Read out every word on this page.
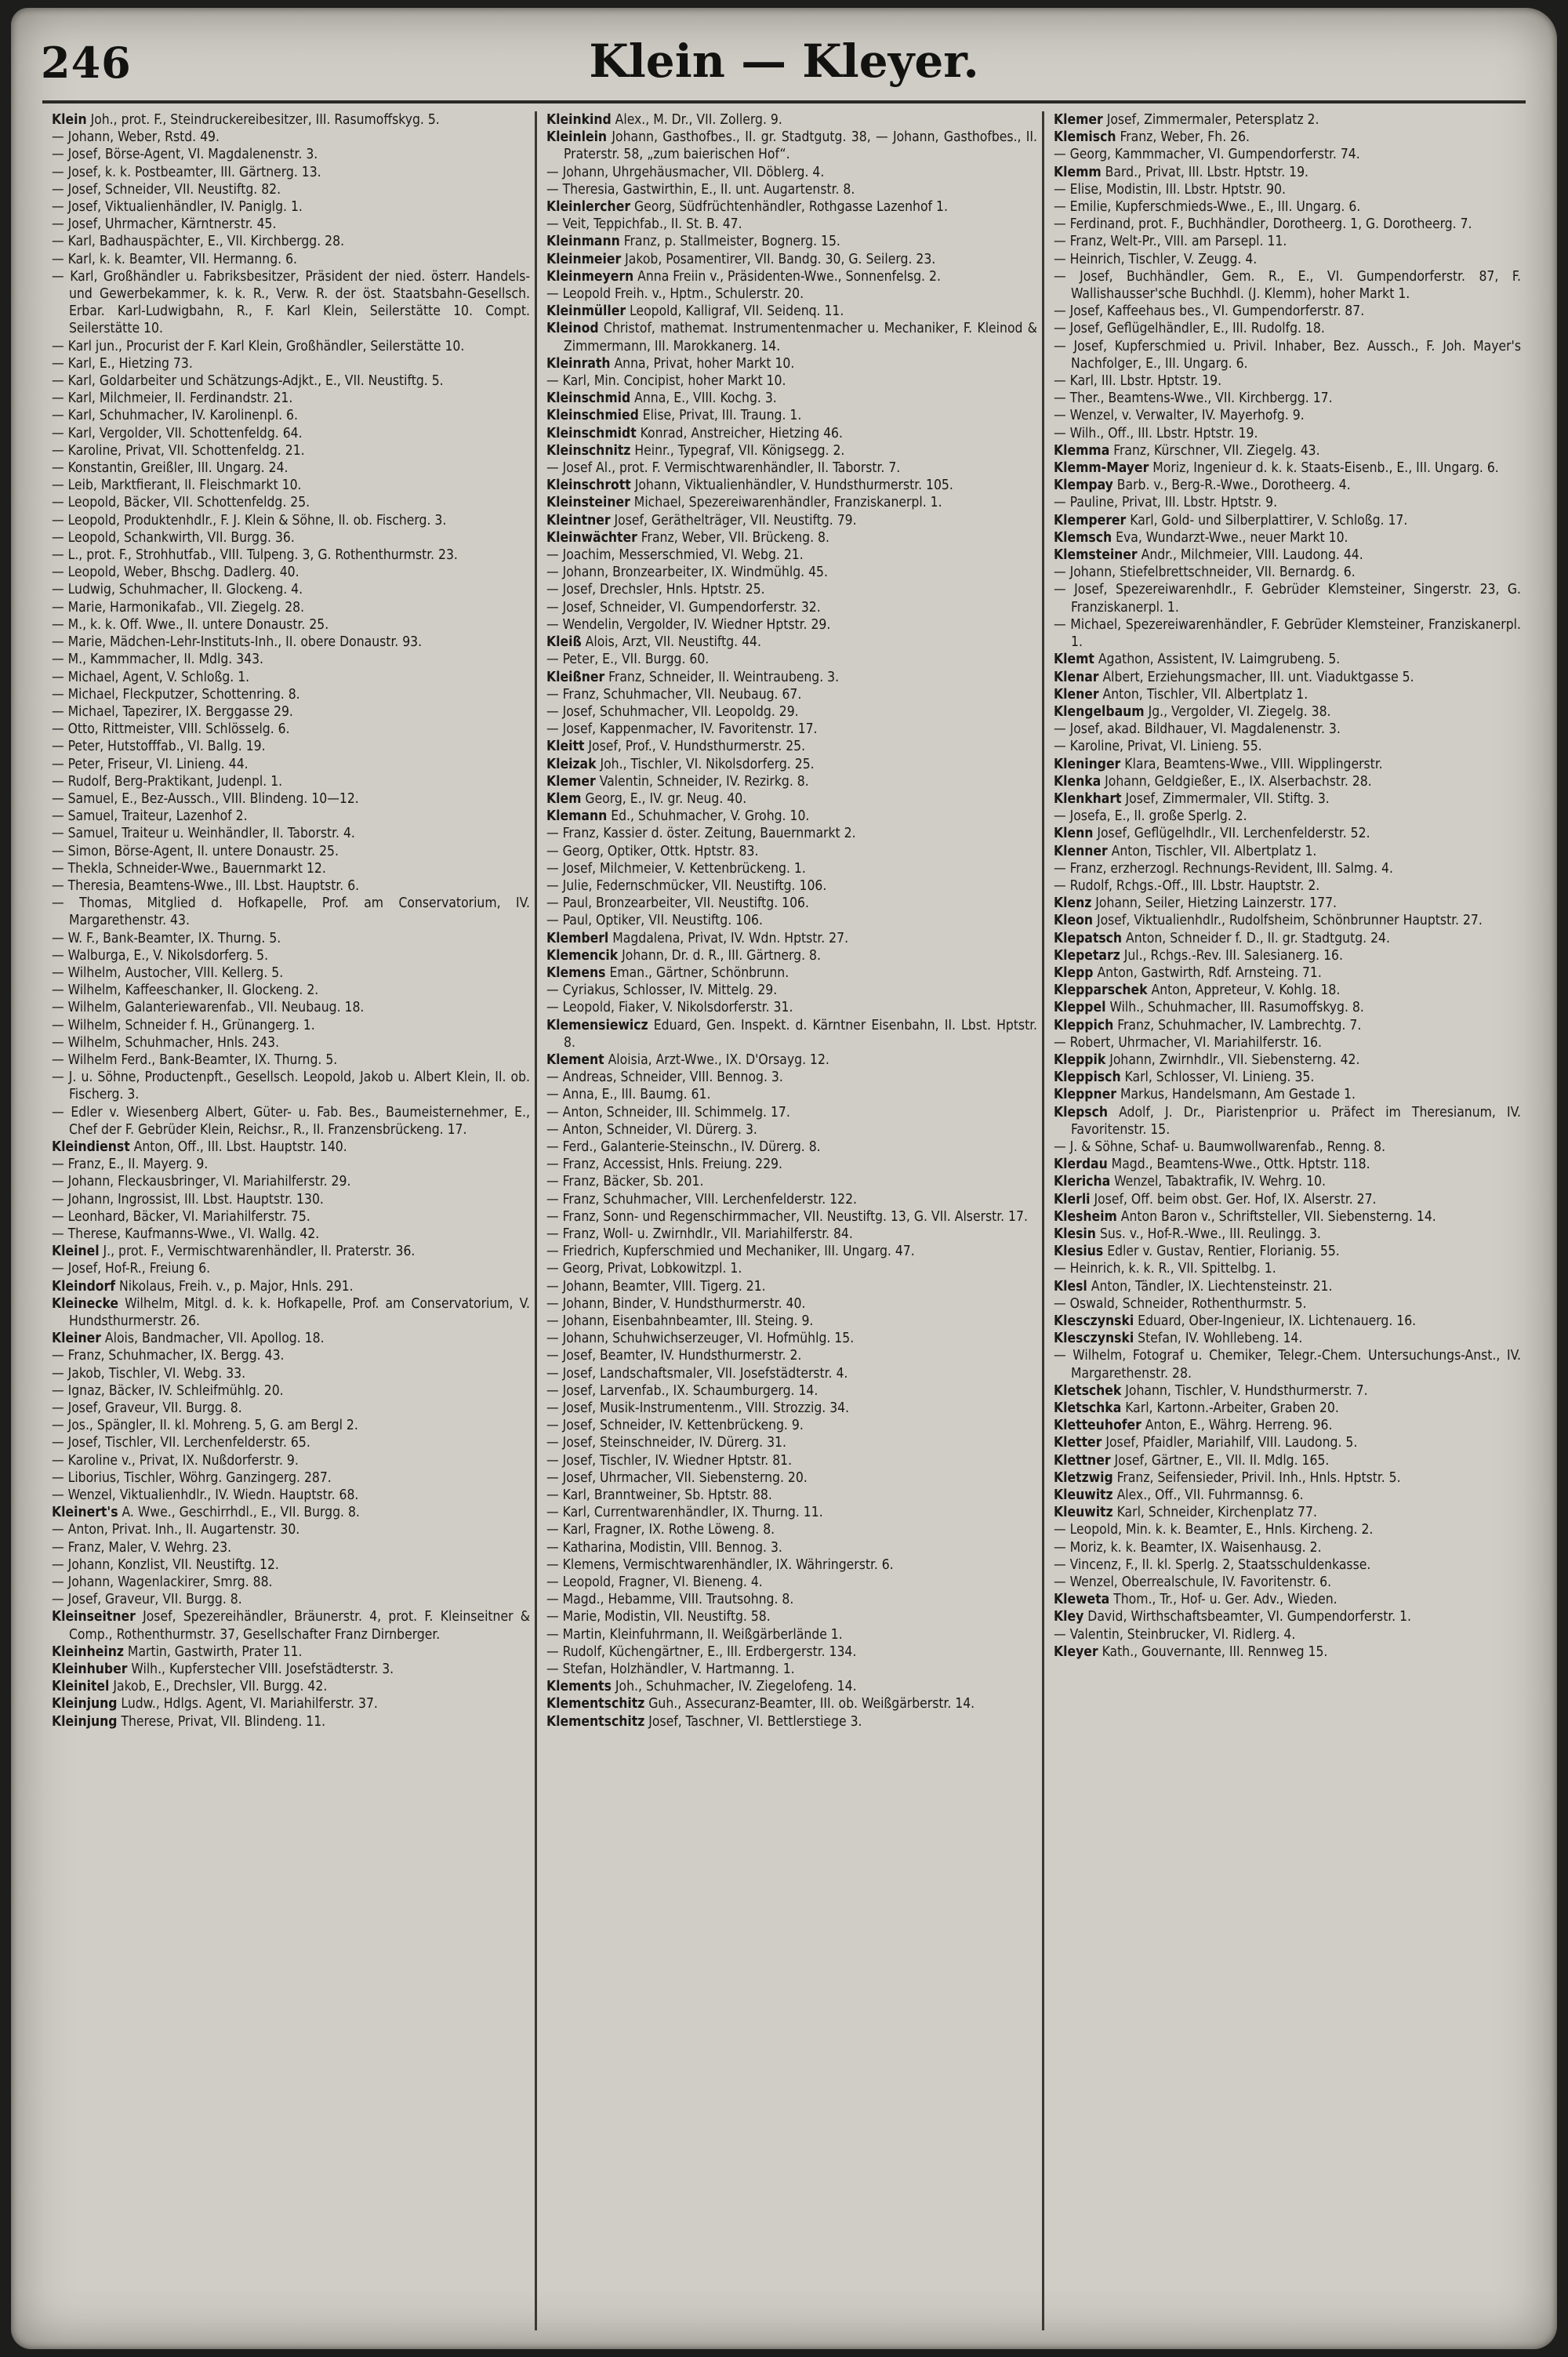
246	Klein — Kleyer.
Klein Joh., prot. F., Steindruckereibesitzer, III. Rasumoffskyg. 5.
— Johann, Weber, Rstd. 49.
— Josef, Börse-Agent, VI. Magdalenenstr. 3.
— Josef, k. k. Postbeamter, III. Gärtnerg. 13.
— Josef, Schneider, VII. Neustiftg. 82.
— Josef, Viktualienhändler, IV. Paniglg. 1.
— Josef, Uhrmacher, Kärntnerstr. 45.
— Karl, Badhauspächter, E., VII. Kirchbergg. 28.
— Karl, k. k. Beamter, VII. Hermanng. 6.
— Karl, Großhändler u. Fabriksbesitzer, Präsident der nied. österr. Handels- und Gewerbekammer, k. k. R., Verw. R. der öst. Staatsbahn-Gesellsch. Erbar. Karl-Ludwigbahn, R., F. Karl Klein, Seilerstätte 10. Compt. Seilerstätte 10.
— Karl jun., Procurist der F. Karl Klein, Großhändler, Seilerstätte 10.
— Karl, E., Hietzing 73.
— Karl, Goldarbeiter und Schätzungs-Adjkt., E., VII. Neustiftg. 5.
— Karl, Milchmeier, II. Ferdinandstr. 21.
— Karl, Schuhmacher, IV. Karolinenpl. 6.
— Karl, Vergolder, VII. Schottenfeldg. 64.
— Karoline, Privat, VII. Schottenfeldg. 21.
— Konstantin, Greißler, III. Ungarg. 24.
— Leib, Marktfierant, II. Fleischmarkt 10.
— Leopold, Bäcker, VII. Schottenfeldg. 25.
— Leopold, Produktenhdlr., F. J. Klein & Söhne, II. ob. Fischerg. 3.
— Leopold, Schankwirth, VII. Burgg. 36.
— L., prot. F., Strohhutfab., VIII. Tulpeng. 3, G. Rothenthurmstr. 23.
— Leopold, Weber, Bhschg. Dadlerg. 40.
— Ludwig, Schuhmacher, II. Glockeng. 4.
— Marie, Harmonikafab., VII. Ziegelg. 28.
— M., k. k. Off. Wwe., II. untere Donaustr. 25.
— Marie, Mädchen-Lehr-Instituts-Inh., II. obere Donaustr. 93.
— M., Kammmacher, II. Mdlg. 343.
— Michael, Agent, V. Schloßg. 1.
— Michael, Fleckputzer, Schottenring. 8.
— Michael, Tapezirer, IX. Berggasse 29.
— Otto, Rittmeister, VIII. Schlösselg. 6.
— Peter, Hutstofffab., VI. Ballg. 19.
— Peter, Friseur, VI. Linieng. 44.
— Rudolf, Berg-Praktikant, Judenpl. 1.
— Samuel, E., Bez-Aussch., VIII. Blindeng. 10—12.
— Samuel, Traiteur, Lazenhof 2.
— Samuel, Traiteur u. Weinhändler, II. Taborstr. 4.
— Simon, Börse-Agent, II. untere Donaustr. 25.
— Thekla, Schneider-Wwe., Bauernmarkt 12.
— Theresia, Beamtens-Wwe., III. Lbst. Hauptstr. 6.
— Thomas, Mitglied d. Hofkapelle, Prof. am Conservatorium, IV. Margarethenstr. 43.
— W. F., Bank-Beamter, IX. Thurng. 5.
— Walburga, E., V. Nikolsdorferg. 5.
— Wilhelm, Austocher, VIII. Kellerg. 5.
— Wilhelm, Kaffeeschanker, II. Glockeng. 2.
— Wilhelm, Galanteriewarenfab., VII. Neubaug. 18.
— Wilhelm, Schneider f. H., Grünangerg. 1.
— Wilhelm, Schuhmacher, Hnls. 243.
— Wilhelm Ferd., Bank-Beamter, IX. Thurng. 5.
— J. u. Söhne, Productenpft., Gesellsch. Leopold, Jakob u. Albert Klein, II. ob. Fischerg. 3.
— Edler v. Wiesenberg Albert, Güter- u. Fab. Bes., Baumeisternehmer, E., Chef der F. Gebrüder Klein, Reichsr., R., II. Franzensbrückeng. 17.
Kleindienst Anton, Off., III. Lbst. Hauptstr. 140.
— Franz, E., II. Mayerg. 9.
— Johann, Fleckausbringer, VI. Mariahilferstr. 29.
— Johann, Ingrossist, III. Lbst. Hauptstr. 130.
— Leonhard, Bäcker, VI. Mariahilferstr. 75.
— Therese, Kaufmanns-Wwe., VI. Wallg. 42.
Kleinel J., prot. F., Vermischtwarenhändler, II. Praterstr. 36.
— Josef, Hof-R., Freiung 6.
Kleindorf Nikolaus, Freih. v., p. Major, Hnls. 291.
Kleinecke Wilhelm, Mitgl. d. k. k. Hofkapelle, Prof. am Conservatorium, V. Hundsthurmerstr. 26.
Kleiner Alois, Bandmacher, VII. Apollog. 18.
— Franz, Schuhmacher, IX. Bergg. 43.
— Jakob, Tischler, VI. Webg. 33.
— Ignaz, Bäcker, IV. Schleifmühlg. 20.
— Josef, Graveur, VII. Burgg. 8.
— Jos., Spängler, II. kl. Mohreng. 5, G. am Bergl 2.
— Josef, Tischler, VII. Lerchenfelderstr. 65.
— Karoline v., Privat, IX. Nußdorferstr. 9.
— Liborius, Tischler, Wöhrg. Ganzingerg. 287.
— Wenzel, Viktualienhdlr., IV. Wiedn. Hauptstr. 68.
Kleinert's A. Wwe., Geschirrhdl., E., VII. Burgg. 8.
— Anton, Privat. Inh., II. Augartenstr. 30.
— Franz, Maler, V. Wehrg. 23.
— Johann, Konzlist, VII. Neustiftg. 12.
— Johann, Wagenlackirer, Smrg. 88.
— Josef, Graveur, VII. Burgg. 8.
Kleinseitner Josef, Spezereihändler, Bräunerstr. 4, prot. F. Kleinseitner & Comp., Rothenthurmstr. 37, Gesellschafter Franz Dirnberger.
Kleinheinz Martin, Gastwirth, Prater 11.
Kleinhuber Wilh., Kupferstecher VIII. Josefstädterstr. 3.
Kleinitel Jakob, E., Drechsler, VII. Burgg. 42.
Kleinjung Ludw., Hdlgs. Agent, VI. Mariahilferstr. 37.
Kleinjung Therese, Privat, VII. Blindeng. 11.
Kleinkind Alex., M. Dr., VII. Zollerg. 9.
Kleinlein Johann, Gasthofbes., II. gr. Stadtgutg. 38, — Johann, Gasthofbes., II. Praterstr. 58, „zum baierischen Hof“.
— Johann, Uhrgehäusmacher, VII. Döblerg. 4.
— Theresia, Gastwirthin, E., II. unt. Augartenstr. 8.
Kleinlercher Georg, Südfrüchtenhändler, Rothgasse Lazenhof 1.
— Veit, Teppichfab., II. St. B. 47.
Kleinmann Franz, p. Stallmeister, Bognerg. 15.
Kleinmeier Jakob, Posamentirer, VII. Bandg. 30, G. Seilerg. 23.
Kleinmeyern Anna Freiin v., Präsidenten-Wwe., Sonnenfelsg. 2.
— Leopold Freih. v., Hptm., Schulerstr. 20.
Kleinmüller Leopold, Kalligraf, VII. Seidenq. 11.
Kleinod Christof, mathemat. Instrumentenmacher u. Mechaniker, F. Kleinod & Zimmermann, III. Marokkanerg. 14.
Kleinrath Anna, Privat, hoher Markt 10.
— Karl, Min. Concipist, hoher Markt 10.
Kleinschmid Anna, E., VIII. Kochg. 3.
Kleinschmied Elise, Privat, III. Traung. 1.
Kleinschmidt Konrad, Anstreicher, Hietzing 46.
Kleinschnitz Heinr., Typegraf, VII. Königsegg. 2.
— Josef Al., prot. F. Vermischtwarenhändler, II. Taborstr. 7.
Kleinschrott Johann, Viktualienhändler, V. Hundsthurmerstr. 105.
Kleinsteiner Michael, Spezereiwarenhändler, Franziskanerpl. 1.
Kleintner Josef, Geräthelträger, VII. Neustiftg. 79.
Kleinwächter Franz, Weber, VII. Brückeng. 8.
— Joachim, Messerschmied, VI. Webg. 21.
— Johann, Bronzearbeiter, IX. Windmühlg. 45.
— Josef, Drechsler, Hnls. Hptstr. 25.
— Josef, Schneider, VI. Gumpendorferstr. 32.
— Wendelin, Vergolder, IV. Wiedner Hptstr. 29.
Kleiß Alois, Arzt, VII. Neustiftg. 44.
— Peter, E., VII. Burgg. 60.
Kleißner Franz, Schneider, II. Weintraubeng. 3.
— Franz, Schuhmacher, VII. Neubaug. 67.
— Josef, Schuhmacher, VII. Leopoldg. 29.
— Josef, Kappenmacher, IV. Favoritenstr. 17.
Kleitt Josef, Prof., V. Hundsthurmerstr. 25.
Kleizak Joh., Tischler, VI. Nikolsdorferg. 25.
Klemer Valentin, Schneider, IV. Rezirkg. 8.
Klem Georg, E., IV. gr. Neug. 40.
Klemann Ed., Schuhmacher, V. Grohg. 10.
— Franz, Kassier d. öster. Zeitung, Bauernmarkt 2.
— Georg, Optiker, Ottk. Hptstr. 83.
— Josef, Milchmeier, V. Kettenbrückeng. 1.
— Julie, Federnschmücker, VII. Neustiftg. 106.
— Paul, Bronzearbeiter, VII. Neustiftg. 106.
— Paul, Optiker, VII. Neustiftg. 106.
Klemberl Magdalena, Privat, IV. Wdn. Hptstr. 27.
Klemencik Johann, Dr. d. R., III. Gärtnerg. 8.
Klemens Eman., Gärtner, Schönbrunn.
— Cyriakus, Schlosser, IV. Mittelg. 29.
— Leopold, Fiaker, V. Nikolsdorferstr. 31.
Klemensiewicz Eduard, Gen. Inspekt. d. Kärntner Eisenbahn, II. Lbst. Hptstr. 8.
Klement Aloisia, Arzt-Wwe., IX. D'Orsayg. 12.
— Andreas, Schneider, VIII. Bennog. 3.
— Anna, E., III. Baumg. 61.
— Anton, Schneider, III. Schimmelg. 17.
— Anton, Schneider, VI. Dürerg. 3.
— Ferd., Galanterie-Steinschn., IV. Dürerg. 8.
— Franz, Accessist, Hnls. Freiung. 229.
— Franz, Bäcker, Sb. 201.
— Franz, Schuhmacher, VIII. Lerchenfelderstr. 122.
— Franz, Sonn- und Regenschirmmacher, VII. Neustiftg. 13, G. VII. Alserstr. 17.
— Franz, Woll- u. Zwirnhdlr., VII. Mariahilferstr. 84.
— Friedrich, Kupferschmied und Mechaniker, III. Ungarg. 47.
— Georg, Privat, Lobkowitzpl. 1.
— Johann, Beamter, VIII. Tigerg. 21.
— Johann, Binder, V. Hundsthurmerstr. 40.
— Johann, Eisenbahnbeamter, III. Steing. 9.
— Johann, Schuhwichserzeuger, VI. Hofmühlg. 15.
— Josef, Beamter, IV. Hundsthurmerstr. 2.
— Josef, Landschaftsmaler, VII. Josefstädterstr. 4.
— Josef, Larvenfab., IX. Schaumburgerg. 14.
— Josef, Musik-Instrumentenm., VIII. Strozzig. 34.
— Josef, Schneider, IV. Kettenbrückeng. 9.
— Josef, Steinschneider, IV. Dürerg. 31.
— Josef, Tischler, IV. Wiedner Hptstr. 81.
— Josef, Uhrmacher, VII. Siebensterng. 20.
— Karl, Branntweiner, Sb. Hptstr. 88.
— Karl, Currentwarenhändler, IX. Thurng. 11.
— Karl, Fragner, IX. Rothe Löweng. 8.
— Katharina, Modistin, VIII. Bennog. 3.
— Klemens, Vermischtwarenhändler, IX. Währingerstr. 6.
— Leopold, Fragner, VI. Bieneng. 4.
— Magd., Hebamme, VIII. Trautsohng. 8.
— Marie, Modistin, VII. Neustiftg. 58.
— Martin, Kleinfuhrmann, II. Weißgärberlände 1.
— Rudolf, Küchengärtner, E., III. Erdbergerstr. 134.
— Stefan, Holzhändler, V. Hartmanng. 1.
Klements Joh., Schuhmacher, IV. Ziegelofeng. 14.
Klementschitz Guh., Assecuranz-Beamter, III. ob. Weißgärberstr. 14.
Klementschitz Josef, Taschner, VI. Bettlerstiege 3.
Klemer Josef, Zimmermaler, Petersplatz 2.
Klemisch Franz, Weber, Fh. 26.
— Georg, Kammmacher, VI. Gumpendorferstr. 74.
Klemm Bard., Privat, III. Lbstr. Hptstr. 19.
— Elise, Modistin, III. Lbstr. Hptstr. 90.
— Emilie, Kupferschmieds-Wwe., E., III. Ungarg. 6.
— Ferdinand, prot. F., Buchhändler, Dorotheerg. 1, G. Dorotheerg. 7.
— Franz, Welt-Pr., VIII. am Parsepl. 11.
— Heinrich, Tischler, V. Zeugg. 4.
— Josef, Buchhändler, Gem. R., E., VI. Gumpendorferstr. 87, F. Wallishausser'sche Buchhdl. (J. Klemm), hoher Markt 1.
— Josef, Kaffeehaus bes., VI. Gumpendorferstr. 87.
— Josef, Geflügelhändler, E., III. Rudolfg. 18.
— Josef, Kupferschmied u. Privil. Inhaber, Bez. Aussch., F. Joh. Mayer's Nachfolger, E., III. Ungarg. 6.
— Karl, III. Lbstr. Hptstr. 19.
— Ther., Beamtens-Wwe., VII. Kirchbergg. 17.
— Wenzel, v. Verwalter, IV. Mayerhofg. 9.
— Wilh., Off., III. Lbstr. Hptstr. 19.
Klemma Franz, Kürschner, VII. Ziegelg. 43.
Klemm-Mayer Moriz, Ingenieur d. k. k. Staats-Eisenb., E., III. Ungarg. 6.
Klempay Barb. v., Berg-R.-Wwe., Dorotheerg. 4.
— Pauline, Privat, III. Lbstr. Hptstr. 9.
Klemperer Karl, Gold- und Silberplattirer, V. Schloßg. 17.
Klemsch Eva, Wundarzt-Wwe., neuer Markt 10.
Klemsteiner Andr., Milchmeier, VIII. Laudong. 44.
— Johann, Stiefelbrettschneider, VII. Bernardg. 6.
— Josef, Spezereiwarenhdlr., F. Gebrüder Klemsteiner, Singerstr. 23, G. Franziskanerpl. 1.
— Michael, Spezereiwarenhändler, F. Gebrüder Klemsteiner, Franziskanerpl. 1.
Klemt Agathon, Assistent, IV. Laimgrubeng. 5.
Klenar Albert, Erziehungsmacher, III. unt. Viaduktgasse 5.
Klener Anton, Tischler, VII. Albertplatz 1.
Klengelbaum Jg., Vergolder, VI. Ziegelg. 38.
— Josef, akad. Bildhauer, VI. Magdalenenstr. 3.
— Karoline, Privat, VI. Linieng. 55.
Kleninger Klara, Beamtens-Wwe., VIII. Wipplingerstr.
Klenka Johann, Geldgießer, E., IX. Alserbachstr. 28.
Klenkhart Josef, Zimmermaler, VII. Stiftg. 3.
— Josefa, E., II. große Sperlg. 2.
Klenn Josef, Geflügelhdlr., VII. Lerchenfelderstr. 52.
Klenner Anton, Tischler, VII. Albertplatz 1.
— Franz, erzherzogl. Rechnungs-Revident, III. Salmg. 4.
— Rudolf, Rchgs.-Off., III. Lbstr. Hauptstr. 2.
Klenz Johann, Seiler, Hietzing Lainzerstr. 177.
Kleon Josef, Viktualienhdlr., Rudolfsheim, Schönbrunner Hauptstr. 27.
Klepatsch Anton, Schneider f. D., II. gr. Stadtgutg. 24.
Klepetarz Jul., Rchgs.-Rev. III. Salesianerg. 16.
Klepp Anton, Gastwirth, Rdf. Arnsteing. 71.
Klepparschek Anton, Appreteur, V. Kohlg. 18.
Kleppel Wilh., Schuhmacher, III. Rasumoffskyg. 8.
Kleppich Franz, Schuhmacher, IV. Lambrechtg. 7.
— Robert, Uhrmacher, VI. Mariahilferstr. 16.
Kleppik Johann, Zwirnhdlr., VII. Siebensterng. 42.
Kleppisch Karl, Schlosser, VI. Linieng. 35.
Kleppner Markus, Handelsmann, Am Gestade 1.
Klepsch Adolf, J. Dr., Piaristenprior u. Präfect im Theresianum, IV. Favoritenstr. 15.
— J. & Söhne, Schaf- u. Baumwollwarenfab., Renng. 8.
Klerdau Magd., Beamtens-Wwe., Ottk. Hptstr. 118.
Klericha Wenzel, Tabaktrafik, IV. Wehrg. 10.
Klerli Josef, Off. beim obst. Ger. Hof, IX. Alserstr. 27.
Klesheim Anton Baron v., Schriftsteller, VII. Siebensterng. 14.
Klesin Sus. v., Hof-R.-Wwe., III. Reulingg. 3.
Klesius Edler v. Gustav, Rentier, Florianig. 55.
— Heinrich, k. k. R., VII. Spittelbg. 1.
Klesl Anton, Tändler, IX. Liechtensteinstr. 21.
— Oswald, Schneider, Rothenthurmstr. 5.
Klesczynski Eduard, Ober-Ingenieur, IX. Lichtenauerg. 16.
Klesczynski Stefan, IV. Wohllebeng. 14.
— Wilhelm, Fotograf u. Chemiker, Telegr.-Chem. Untersuchungs-Anst., IV. Margarethenstr. 28.
Kletschek Johann, Tischler, V. Hundsthurmerstr. 7.
Kletschka Karl, Kartonn.-Arbeiter, Graben 20.
Kletteuhofer Anton, E., Währg. Herreng. 96.
Kletter Josef, Pfaidler, Mariahilf, VIII. Laudong. 5.
Klettner Josef, Gärtner, E., VII. II. Mdlg. 165.
Kletzwig Franz, Seifensieder, Privil. Inh., Hnls. Hptstr. 5.
Kleuwitz Alex., Off., VII. Fuhrmannsg. 6.
Kleuwitz Karl, Schneider, Kirchenplatz 77.
— Leopold, Min. k. k. Beamter, E., Hnls. Kircheng. 2.
— Moriz, k. k. Beamter, IX. Waisenhausg. 2.
— Vincenz, F., II. kl. Sperlg. 2, Staatsschuldenkasse.
— Wenzel, Oberrealschule, IV. Favoritenstr. 6.
Kleweta Thom., Tr., Hof- u. Ger. Adv., Wieden.
Kley David, Wirthschaftsbeamter, VI. Gumpendorferstr. 1.
— Valentin, Steinbrucker, VI. Ridlerg. 4.
Kleyer Kath., Gouvernante, III. Rennweg 15.
